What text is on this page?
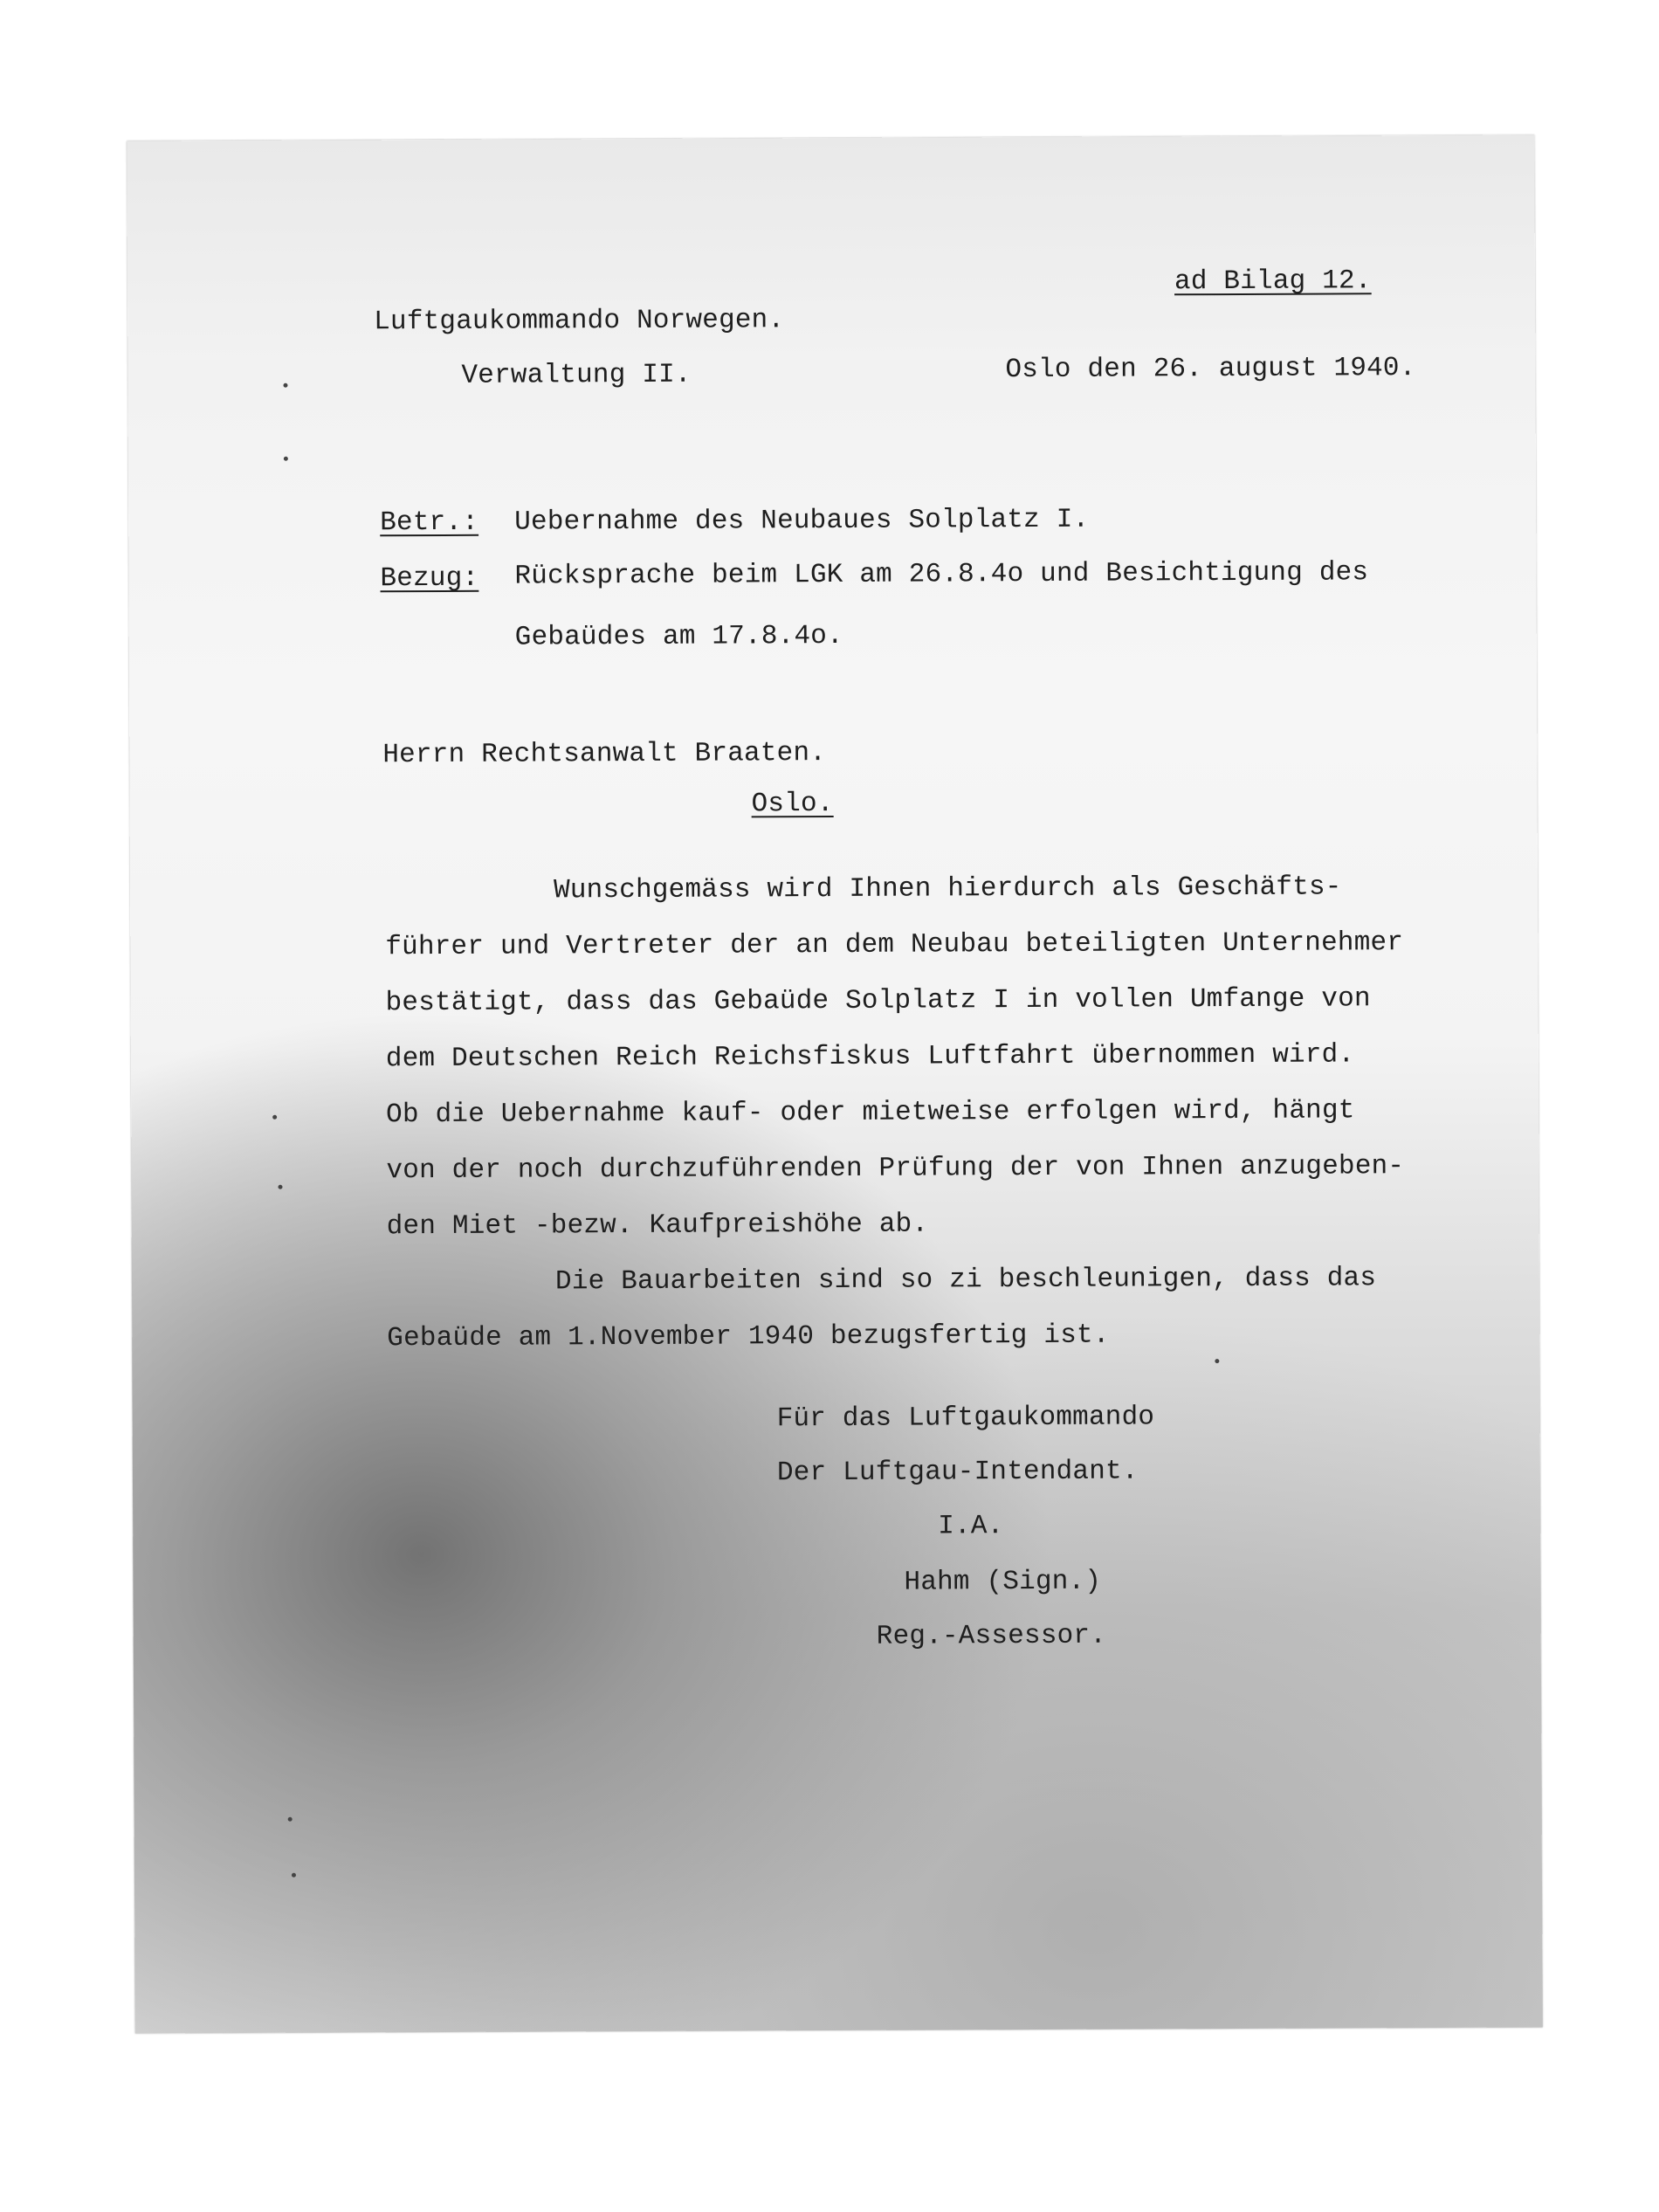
ad Bilag 12.
Luftgaukommando Norwegen.
Verwaltung II.	Oslo den 26. august 1940.
Betr.: Uebernahme des Neubaues Solplatz I.
Bezug: Rücksprache beim LGK am 26.8.4o und Besichtigung des
Gebaüdes am 17.8.4o.
Herrn Rechtsanwalt Braaten.
Oslo.
Wunschgemäss wird Ihnen hierdurch als Geschäfts-
führer und Vertreter der an dem Neubau beteiligten Unternehmer
bestätigt, dass das Gebaüde Solplatz I in vollen Umfange von
dem Deutschen Reich Reichsfiskus Luftfahrt übernommen wird.
Ob die Uebernahme kauf- oder mietweise erfolgen wird, hängt
von der noch durchzuführenden Prüfung der von Ihnen anzugeben-
den Miet -bezw. Kaufpreishöhe ab.
Die Bauarbeiten sind so zi beschleunigen, dass das
Gebaüde am 1.November 1940 bezugsfertig ist.
Für das Luftgaukommando
Der Luftgau-Intendant.
I.A.
Hahm (Sign.)
Reg.-Assessor.
